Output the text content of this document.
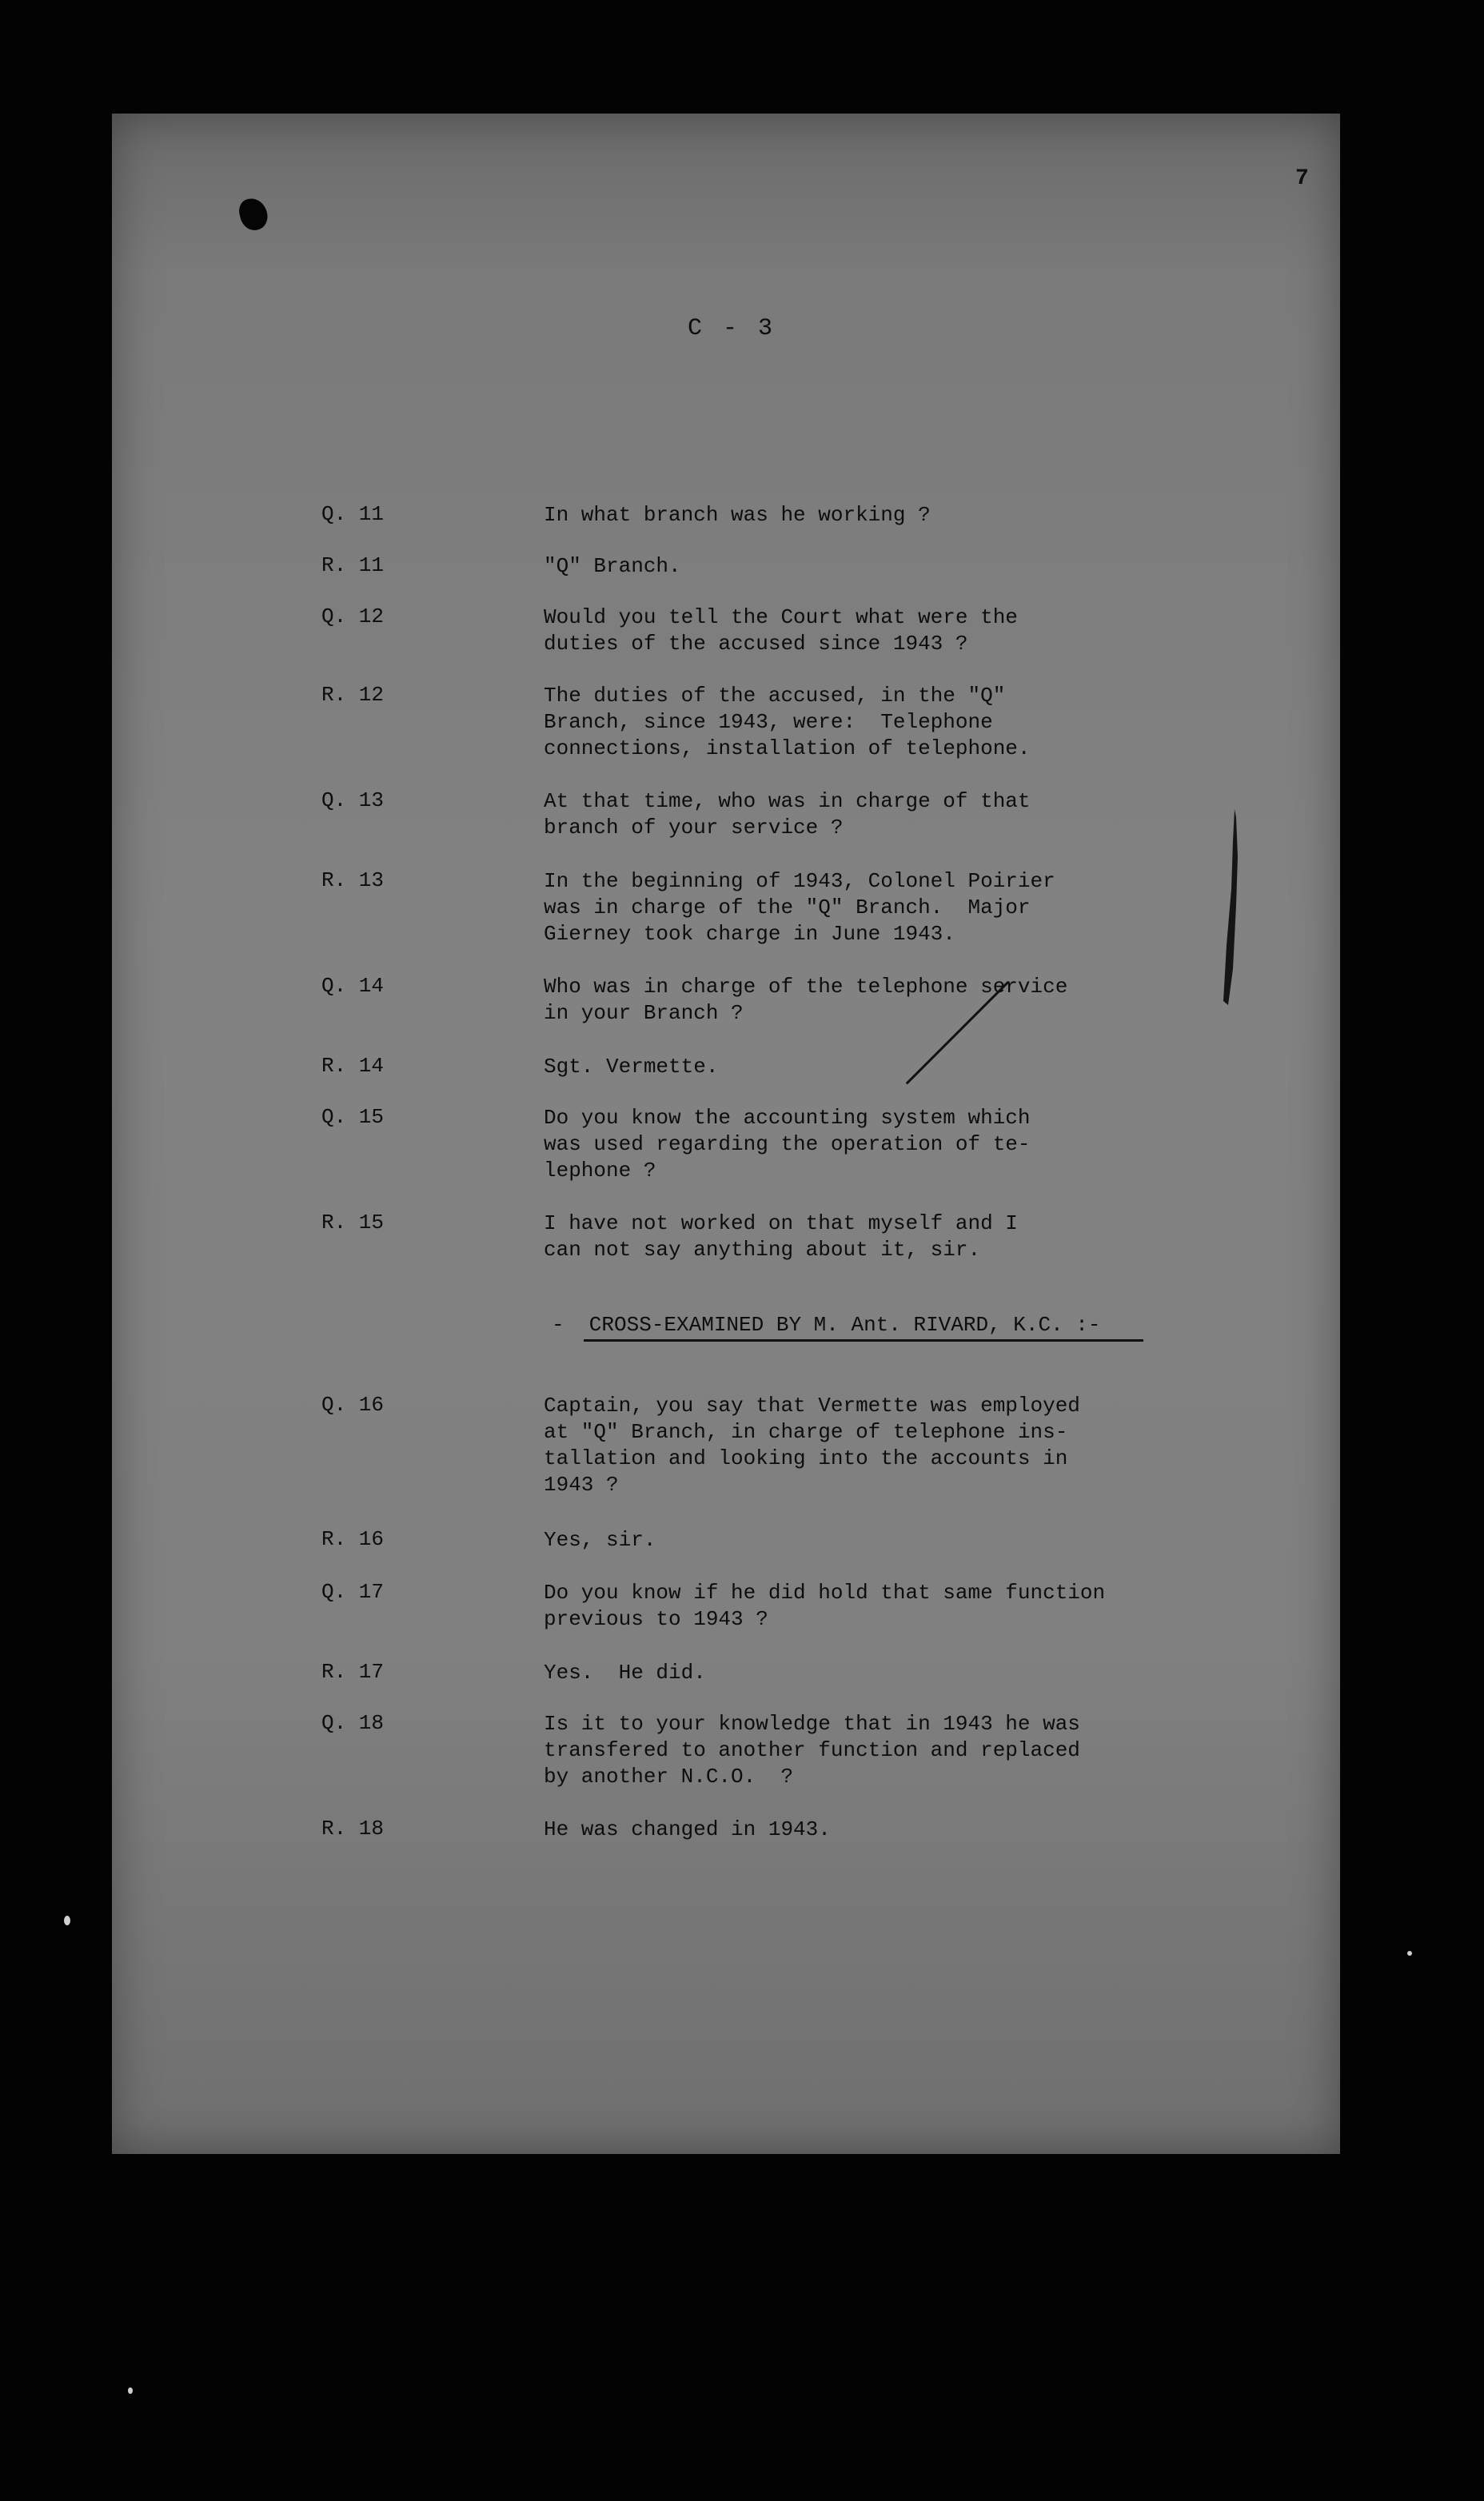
7
C - 3
Q. 11	In what branch was he working ?
R. 11	"Q" Branch.
Q. 12	Would you tell the Court what were the
duties of the accused since 1943 ?
R. 12	The duties of the accused, in the "Q"
Branch, since 1943, were:  Telephone
connections, installation of telephone.
Q. 13	At that time, who was in charge of that
branch of your service ?
R. 13	In the beginning of 1943, Colonel Poirier
was in charge of the "Q" Branch.  Major
Gierney took charge in June 1943.
Q. 14	Who was in charge of the telephone service
in your Branch ?
R. 14	Sgt. Vermette.
Q. 15	Do you know the accounting system which
was used regarding the operation of te-
lephone ?
R. 15	I have not worked on that myself and I
can not say anything about it, sir.
-  CROSS-EXAMINED BY M. Ant. RIVARD, K.C. :-
Q. 16	Captain, you say that Vermette was employed
at "Q" Branch, in charge of telephone ins-
tallation and looking into the accounts in
1943 ?
R. 16	Yes, sir.
Q. 17	Do you know if he did hold that same function
previous to 1943 ?
R. 17	Yes.  He did.
Q. 18	Is it to your knowledge that in 1943 he was
transfered to another function and replaced
by another N.C.O.  ?
R. 18	He was changed in 1943.
